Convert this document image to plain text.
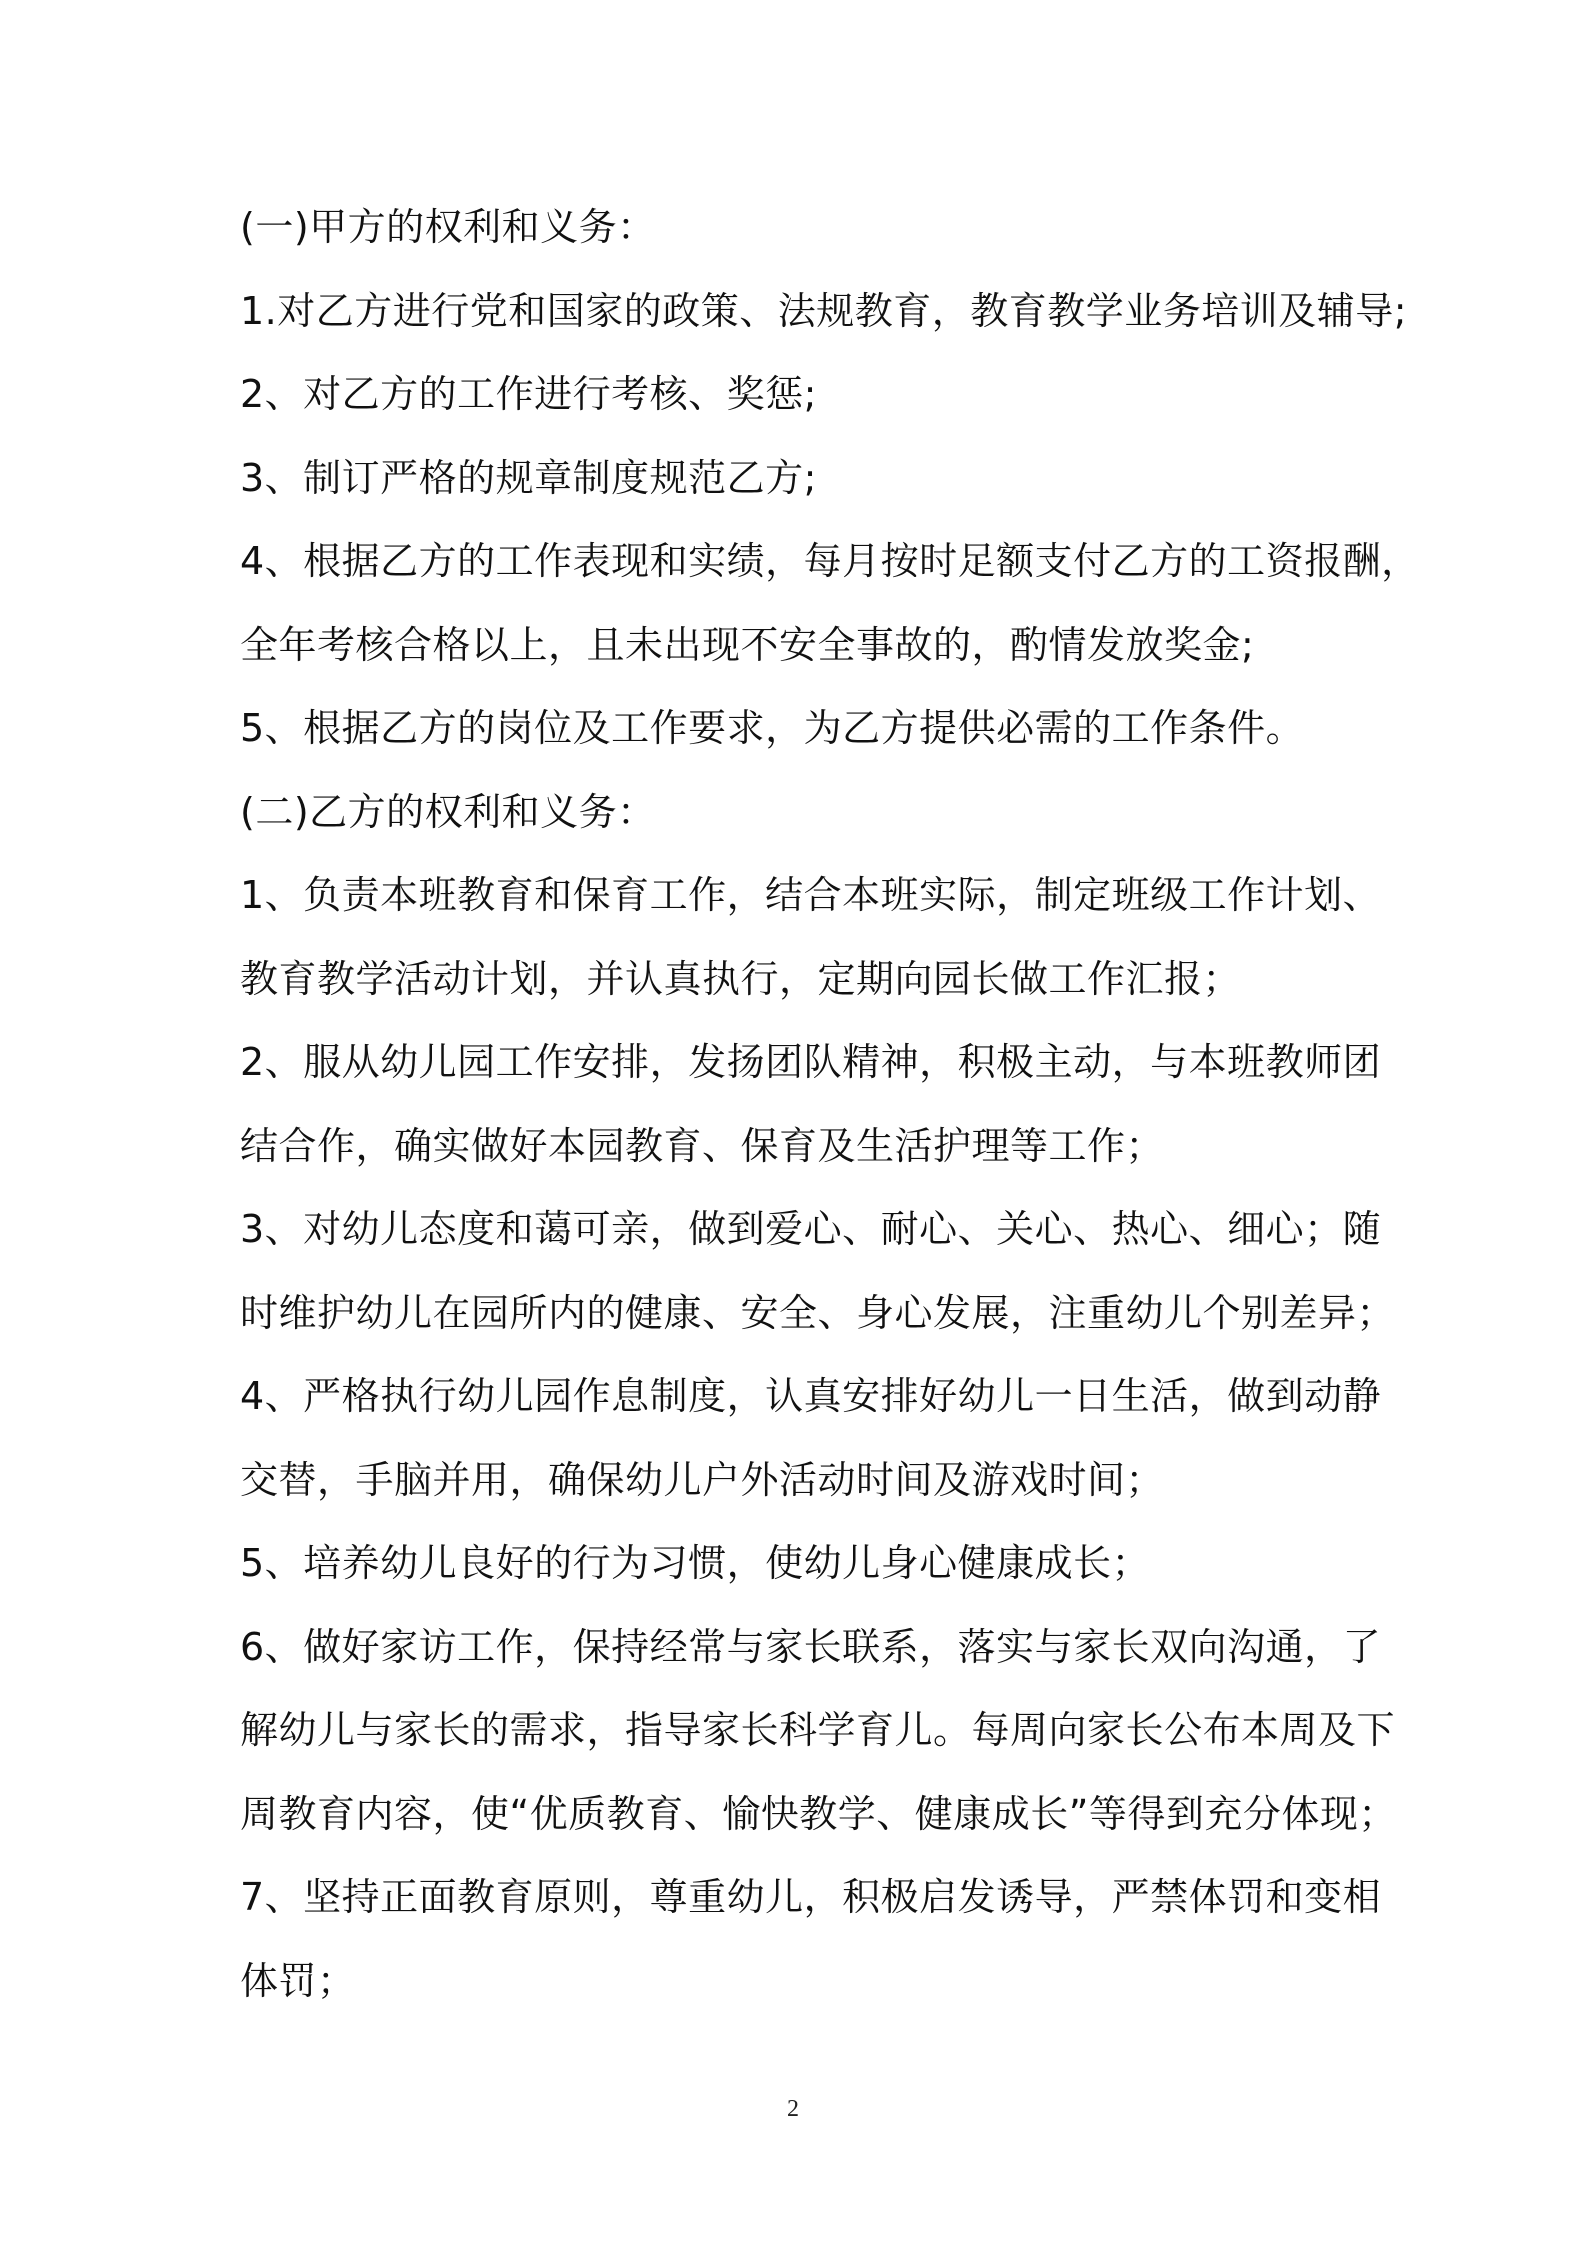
(一)甲方的权利和义务：
1.对乙方进行党和国家的政策、法规教育，教育教学业务培训及辅导;
2、对乙方的工作进行考核、奖惩;
3、制订严格的规章制度规范乙方;
4、根据乙方的工作表现和实绩，每月按时足额支付乙方的工资报酬，
全年考核合格以上，且未出现不安全事故的，酌情发放奖金;
5、根据乙方的岗位及工作要求，为乙方提供必需的工作条件。
(二)乙方的权利和义务：
1、负责本班教育和保育工作，结合本班实际，制定班级工作计划、
教育教学活动计划，并认真执行，定期向园长做工作汇报；
2、服从幼儿园工作安排，发扬团队精神，积极主动，与本班教师团
结合作，确实做好本园教育、保育及生活护理等工作；
3、对幼儿态度和蔼可亲，做到爱心、耐心、关心、热心、细心；随
时维护幼儿在园所内的健康、安全、身心发展，注重幼儿个别差异；
4、严格执行幼儿园作息制度，认真安排好幼儿一日生活，做到动静
交替，手脑并用，确保幼儿户外活动时间及游戏时间；
5、培养幼儿良好的行为习惯，使幼儿身心健康成长；
6、做好家访工作，保持经常与家长联系，落实与家长双向沟通，了
解幼儿与家长的需求，指导家长科学育儿。每周向家长公布本周及下
周教育内容，使“优质教育、愉快教学、健康成长”等得到充分体现；
7、坚持正面教育原则，尊重幼儿，积极启发诱导，严禁体罚和变相
体罚；
2
